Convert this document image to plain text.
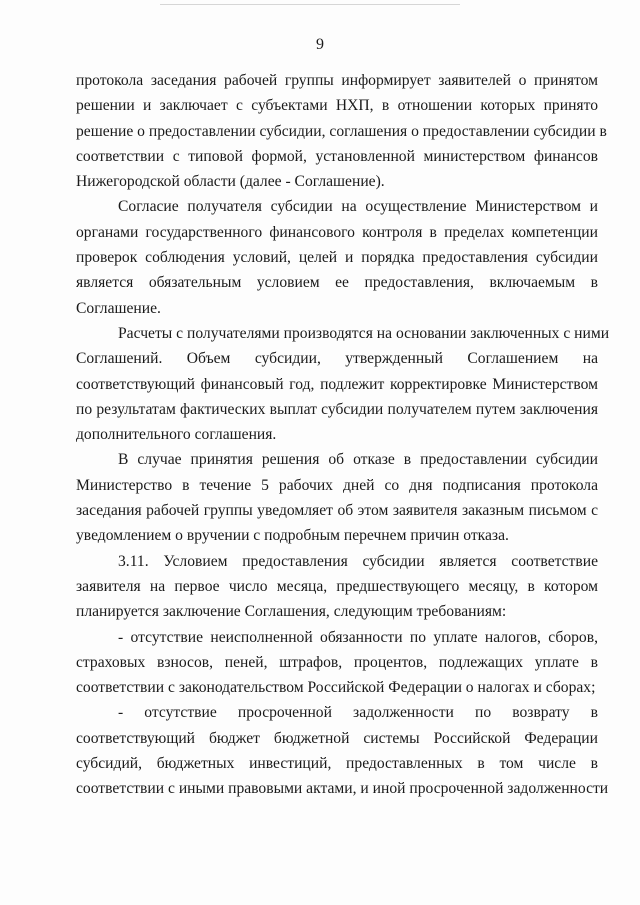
9
протокола заседания рабочей группы информирует заявителей о принятом
решении и заключает с субъектами НХП, в отношении которых принято
решение о предоставлении субсидии, соглашения о предоставлении субсидии в
соответствии с типовой формой, установленной министерством финансов
Нижегородской области (далее - Соглашение).
Согласие получателя субсидии на осуществление Министерством и
органами государственного финансового контроля в пределах компетенции
проверок соблюдения условий, целей и порядка предоставления субсидии
является обязательным условием ее предоставления, включаемым в
Соглашение.
Расчеты с получателями производятся на основании заключенных с ними
Соглашений. Объем субсидии, утвержденный Соглашением на
соответствующий финансовый год, подлежит корректировке Министерством
по результатам фактических выплат субсидии получателем путем заключения
дополнительного соглашения.
В случае принятия решения об отказе в предоставлении субсидии
Министерство в течение 5 рабочих дней со дня подписания протокола
заседания рабочей группы уведомляет об этом заявителя заказным письмом с
уведомлением о вручении с подробным перечнем причин отказа.
3.11. Условием предоставления субсидии является соответствие
заявителя на первое число месяца, предшествующего месяцу, в котором
планируется заключение Соглашения, следующим требованиям:
- отсутствие неисполненной обязанности по уплате налогов, сборов,
страховых взносов, пеней, штрафов, процентов, подлежащих уплате в
соответствии с законодательством Российской Федерации о налогах и сборах;
- отсутствие просроченной задолженности по возврату в
соответствующий бюджет бюджетной системы Российской Федерации
субсидий, бюджетных инвестиций, предоставленных в том числе в
соответствии с иными правовыми актами, и иной просроченной задолженности
